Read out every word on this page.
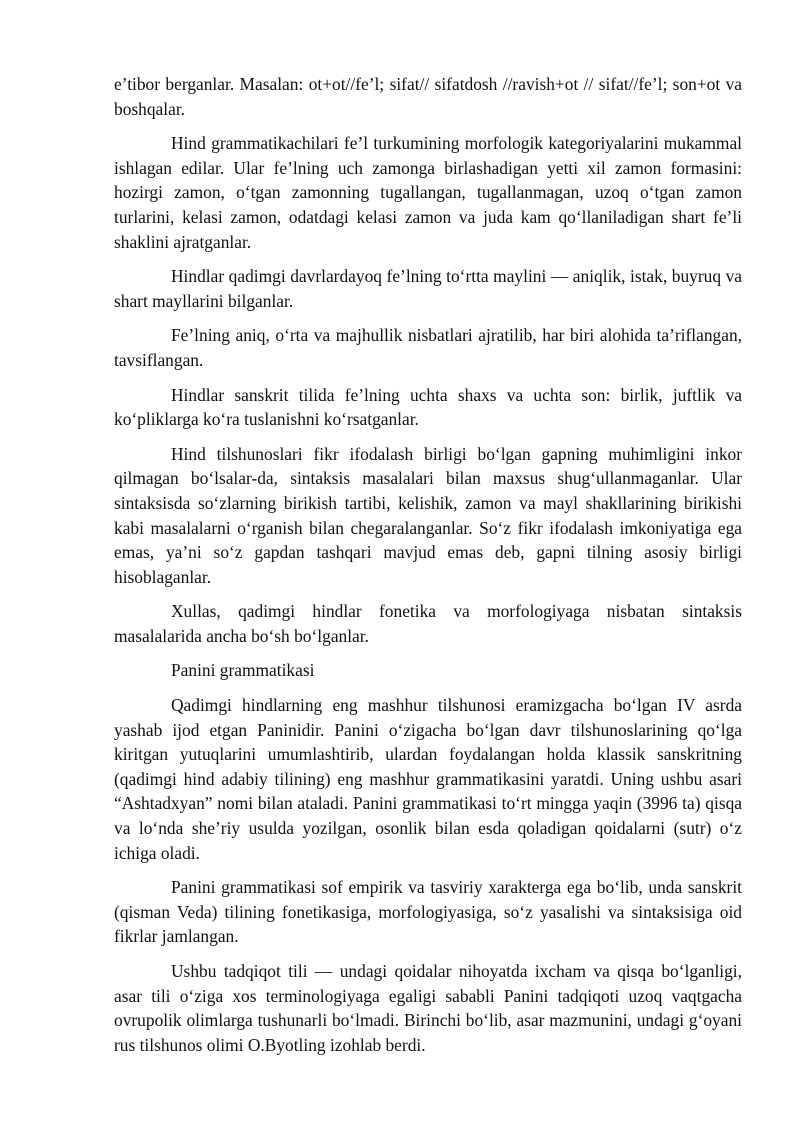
e’tibor berganlar. Masalan: ot+ot//fe’l; sifat// sifatdosh //ravish+ot // sifat//fe’l; son+ot va boshqalar.

Hind grammatikachilari fe’l turkumining morfologik kategoriyalarini mukammal ishlagan edilar. Ular fe’lning uch zamonga birlashadigan yetti xil zamon formasini: hozirgi zamon, o‘tgan zamonning tugallangan, tugallanmagan, uzoq o‘tgan zamon turlarini, kelasi zamon, odatdagi kelasi zamon va juda kam qo‘llaniladigan shart fe’li shaklini ajratganlar.

Hindlar qadimgi davrlardayoq fe’lning to‘rtta maylini — aniqlik, istak, buyruq va shart mayllarini bilganlar.

Fe’lning aniq, o‘rta va majhullik nisbatlari ajratilib, har biri alohida ta’riflangan, tavsiflangan.

Hindlar sanskrit tilida fe’lning uchta shaxs va uchta son: birlik, juftlik va ko‘pliklarga ko‘ra tuslanishni ko‘rsatganlar.

Hind tilshunoslari fikr ifodalash birligi bo‘lgan gapning muhimligini inkor qilmagan bo‘lsalar-da, sintaksis masalalari bilan maxsus shug‘ullanmaganlar. Ular sintaksisda so‘zlarning birikish tartibi, kelishik, zamon va mayl shakllarining birikishi kabi masalalarni o‘rganish bilan chegaralanganlar. So‘z fikr ifodalash imkoniyatiga ega emas, ya’ni so‘z gapdan tashqari mavjud emas deb, gapni tilning asosiy birligi hisoblaganlar.

Xullas, qadimgi hindlar fonetika va morfologiyaga nisbatan sintaksis masalalarida ancha bo‘sh bo‘lganlar.

Panini grammatikasi

Qadimgi hindlarning eng mashhur tilshunosi eramizgacha bo‘lgan IV asrda yashab ijod etgan Paninidir. Panini o‘zigacha bo‘lgan davr tilshunoslarining qo‘lga kiritgan yutuqlarini umumlashtirib, ulardan foydalangan holda klassik sanskritning (qadimgi hind adabiy tilining) eng mashhur grammatikasini yaratdi. Uning ushbu asari “Ashtadxyan” nomi bilan ataladi. Panini grammatikasi to‘rt mingga yaqin (3996 ta) qisqa va lo‘nda she’riy usulda yozilgan, osonlik bilan esda qoladigan qoidalarni (sutr) o‘z ichiga oladi.

Panini grammatikasi sof empirik va tasviriy xarakterga ega bo‘lib, unda sanskrit (qisman Veda) tilining fonetikasiga, morfologiyasiga, so‘z yasalishi va sintaksisiga oid fikrlar jamlangan.

Ushbu tadqiqot tili — undagi qoidalar nihoyatda ixcham va qisqa bo‘lganligi, asar tili o‘ziga xos terminologiyaga egaligi sababli Panini tadqiqoti uzoq vaqtgacha ovrupolik olimlarga tushunarli bo‘lmadi. Birinchi bo‘lib, asar mazmunini, undagi g‘oyani rus tilshunos olimi O.Byotling izohlab berdi.
